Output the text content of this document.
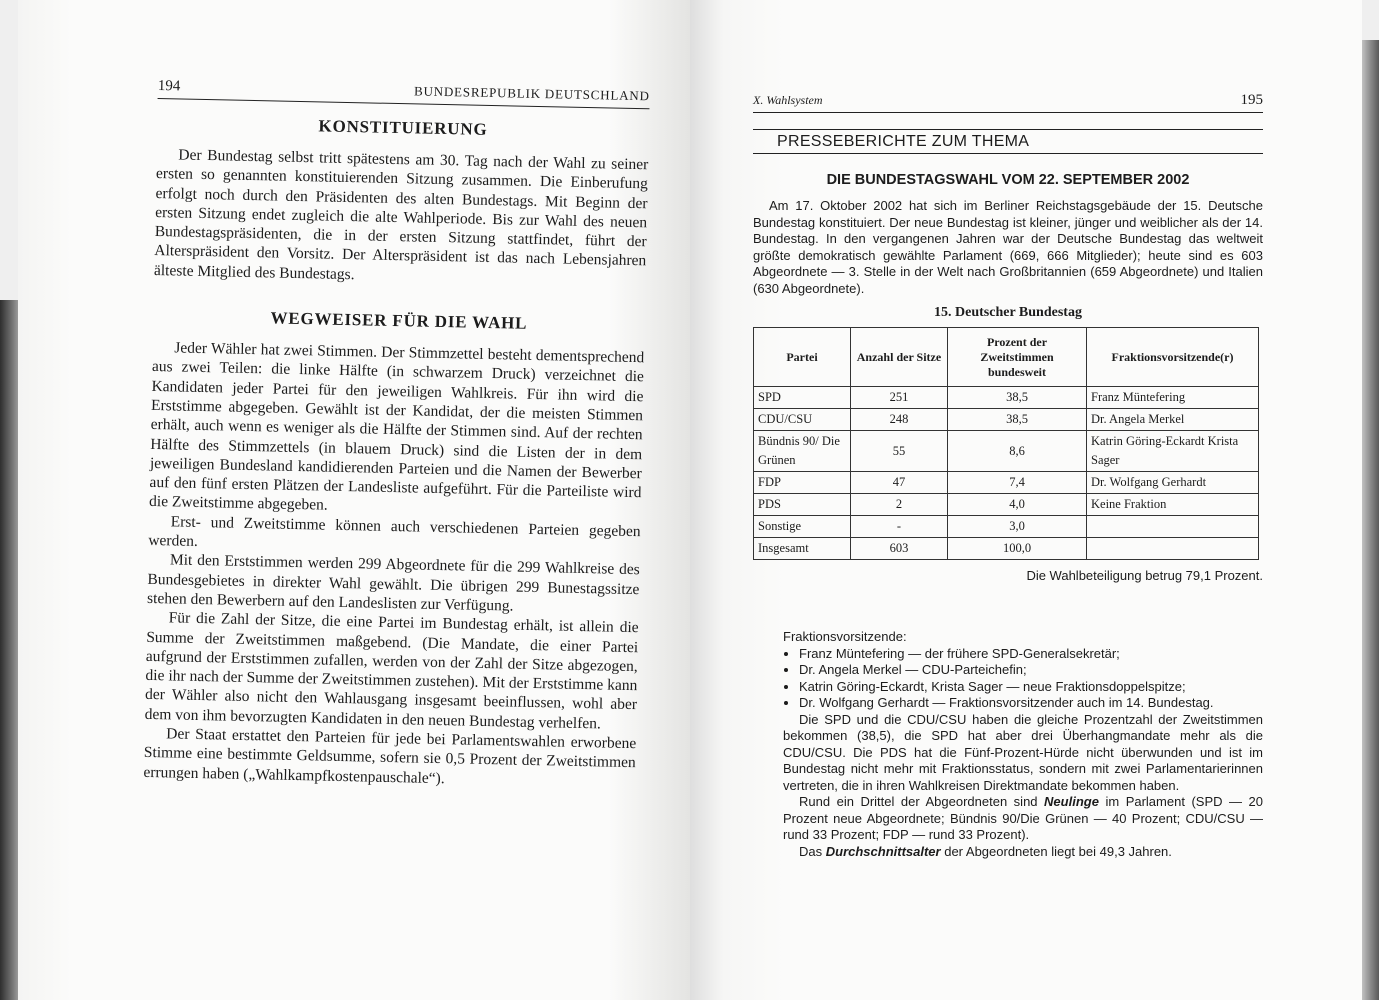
194	BUNDESREPUBLIK DEUTSCHLAND
KONSTITUIERUNG

Der Bundestag selbst tritt spätestens am 30. Tag nach der Wahl zu seiner ersten so genannten konstituierenden Sitzung zusammen. Die Einberufung erfolgt noch durch den Präsidenten des alten Bundestags. Mit Beginn der ersten Sitzung endet zugleich die alte Wahlperiode. Bis zur Wahl des neuen Bundestagspräsidenten, die in der ersten Sitzung stattfindet, führt der Alterspräsident den Vorsitz. Der Alterspräsident ist das nach Lebensjahren älteste Mitglied des Bundestags.

WEGWEISER FÜR DIE WAHL

Jeder Wähler hat zwei Stimmen. Der Stimmzettel besteht dementsprechend aus zwei Teilen: die linke Hälfte (in schwarzem Druck) verzeichnet die Kandidaten jeder Partei für den jeweiligen Wahlkreis. Für ihn wird die Erststimme abgegeben. Gewählt ist der Kandidat, der die meisten Stimmen erhält, auch wenn es weniger als die Hälfte der Stimmen sind. Auf der rechten Hälfte des Stimmzettels (in blauem Druck) sind die Listen der in dem jeweiligen Bundesland kandidierenden Parteien und die Namen der Bewerber auf den fünf ersten Plätzen der Landesliste aufgeführt. Für die Parteiliste wird die Zweitstimme abgegeben.

Erst- und Zweitstimme können auch verschiedenen Parteien gegeben werden.

Mit den Erststimmen werden 299 Abgeordnete für die 299 Wahlkreise des Bundesgebietes in direkter Wahl gewählt. Die übrigen 299 Bunestagssitze stehen den Bewerbern auf den Landeslisten zur Verfügung.

Für die Zahl der Sitze, die eine Partei im Bundestag erhält, ist allein die Summe der Zweitstimmen maßgebend. (Die Mandate, die einer Partei aufgrund der Erststimmen zufallen, werden von der Zahl der Sitze abgezogen, die ihr nach der Summe der Zweitstimmen zustehen). Mit der Erststimme kann der Wähler also nicht den Wahlausgang insgesamt beeinflussen, wohl aber dem von ihm bevorzugten Kandidaten in den neuen Bundestag verhelfen.

Der Staat erstattet den Parteien für jede bei Parlamentswahlen erworbene Stimme eine bestimmte Geldsumme, sofern sie 0,5 Prozent der Zweitstimmen errungen haben („Wahlkampfkostenpauschale“).

X. Wahlsystem	195
PRESSEBERICHTE ZUM THEMA
DIE BUNDESTAGSWAHL VOM 22. SEPTEMBER 2002

Am 17. Oktober 2002 hat sich im Berliner Reichstagsgebäude der 15. Deutsche Bundestag konstituiert. Der neue Bundestag ist kleiner, jünger und weiblicher als der 14. Bundestag. In den vergangenen Jahren war der Deutsche Bundestag das weltweit größte demokratisch gewählte Parlament (669, 666 Mitglieder); heute sind es 603 Abgeordnete — 3. Stelle in der Welt nach Großbritannien (659 Abgeordnete) und Italien (630 Abgeordnete).

15. Deutscher Bundestag
Partei	Anzahl der Sitze	Prozent der Zweitstimmen bundesweit	Fraktionsvorsitzende(r)
SPD	251	38,5	Franz Müntefering
CDU/CSU	248	38,5	Dr. Angela Merkel
Bündnis 90/ Die Grünen	55	8,6	Katrin Göring-Eckardt Krista Sager
FDP	47	7,4	Dr. Wolfgang Gerhardt
PDS	2	4,0	Keine Fraktion
Sonstige	-	3,0	
Insgesamt	603	100,0	
Die Wahlbeteiligung betrug 79,1 Prozent.
Fraktionsvorsitzende:
• Franz Müntefering — der frühere SPD-Generalsekretär;
• Dr. Angela Merkel — CDU-Parteichefin;
• Katrin Göring-Eckardt, Krista Sager — neue Fraktionsdoppelspitze;
• Dr. Wolfgang Gerhardt — Fraktionsvorsitzender auch im 14. Bundestag.

Die SPD und die CDU/CSU haben die gleiche Prozentzahl der Zweitstimmen bekommen (38,5), die SPD hat aber drei Überhangmandate mehr als die CDU/CSU. Die PDS hat die Fünf-Prozent-Hürde nicht überwunden und ist im Bundestag nicht mehr mit Fraktionsstatus, sondern mit zwei Parlamentarierinnen vertreten, die in ihren Wahlkreisen Direktmandate bekommen haben.

Rund ein Drittel der Abgeordneten sind Neulinge im Parlament (SPD — 20 Prozent neue Abgeordnete; Bündnis 90/Die Grünen — 40 Prozent; CDU/CSU — rund 33 Prozent; FDP — rund 33 Prozent).

Das Durchschnittsalter der Abgeordneten liegt bei 49,3 Jahren.
